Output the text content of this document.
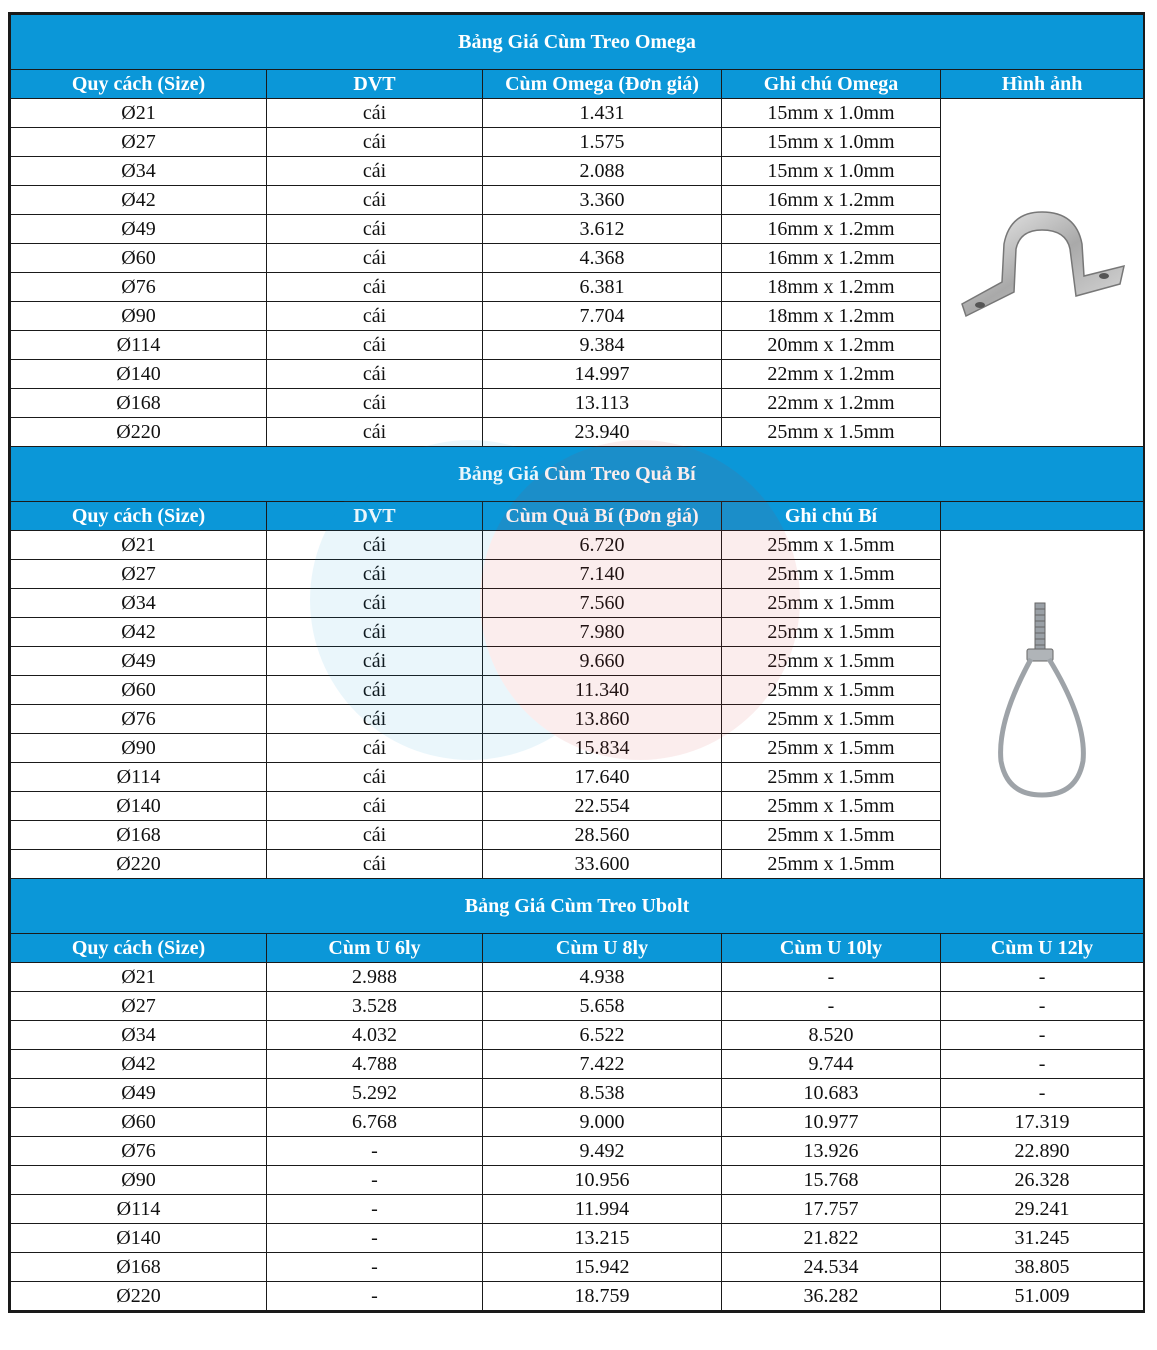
Bảng Giá Cùm Treo Omega				
Quy cách (Size)	DVT	Cùm Omega (Đơn giá)	Ghi chú Omega	Hình ảnh
Ø21	cái	1.431	15mm x 1.0mm	
Ø27	cái	1.575	15mm x 1.0mm	
Ø34	cái	2.088	15mm x 1.0mm	
Ø42	cái	3.360	16mm x 1.2mm	
Ø49	cái	3.612	16mm x 1.2mm	
Ø60	cái	4.368	16mm x 1.2mm	
Ø76	cái	6.381	18mm x 1.2mm	
Ø90	cái	7.704	18mm x 1.2mm	
Ø114	cái	9.384	20mm x 1.2mm	
Ø140	cái	14.997	22mm x 1.2mm	
Ø168	cái	13.113	22mm x 1.2mm	
Ø220	cái	23.940	25mm x 1.5mm	
Bảng Giá Cùm Treo Quả Bí				
Quy cách (Size)	DVT	Cùm Quả Bí (Đơn giá)	Ghi chú Bí	
Ø21	cái	6.720	25mm x 1.5mm	
Ø27	cái	7.140	25mm x 1.5mm	
Ø34	cái	7.560	25mm x 1.5mm	
Ø42	cái	7.980	25mm x 1.5mm	
Ø49	cái	9.660	25mm x 1.5mm	
Ø60	cái	11.340	25mm x 1.5mm	
Ø76	cái	13.860	25mm x 1.5mm	
Ø90	cái	15.834	25mm x 1.5mm	
Ø114	cái	17.640	25mm x 1.5mm	
Ø140	cái	22.554	25mm x 1.5mm	
Ø168	cái	28.560	25mm x 1.5mm	
Ø220	cái	33.600	25mm x 1.5mm	
Bảng Giá Cùm Treo Ubolt				
Quy cách (Size)	Cùm U 6ly	Cùm U 8ly	Cùm U 10ly	Cùm U 12ly
Ø21	2.988	4.938	-	-
Ø27	3.528	5.658	-	-
Ø34	4.032	6.522	8.520	-
Ø42	4.788	7.422	9.744	-
Ø49	5.292	8.538	10.683	-
Ø60	6.768	9.000	10.977	17.319
Ø76	-	9.492	13.926	22.890
Ø90	-	10.956	15.768	26.328
Ø114	-	11.994	17.757	29.241
Ø140	-	13.215	21.822	31.245
Ø168	-	15.942	24.534	38.805
Ø220	-	18.759	36.282	51.009
